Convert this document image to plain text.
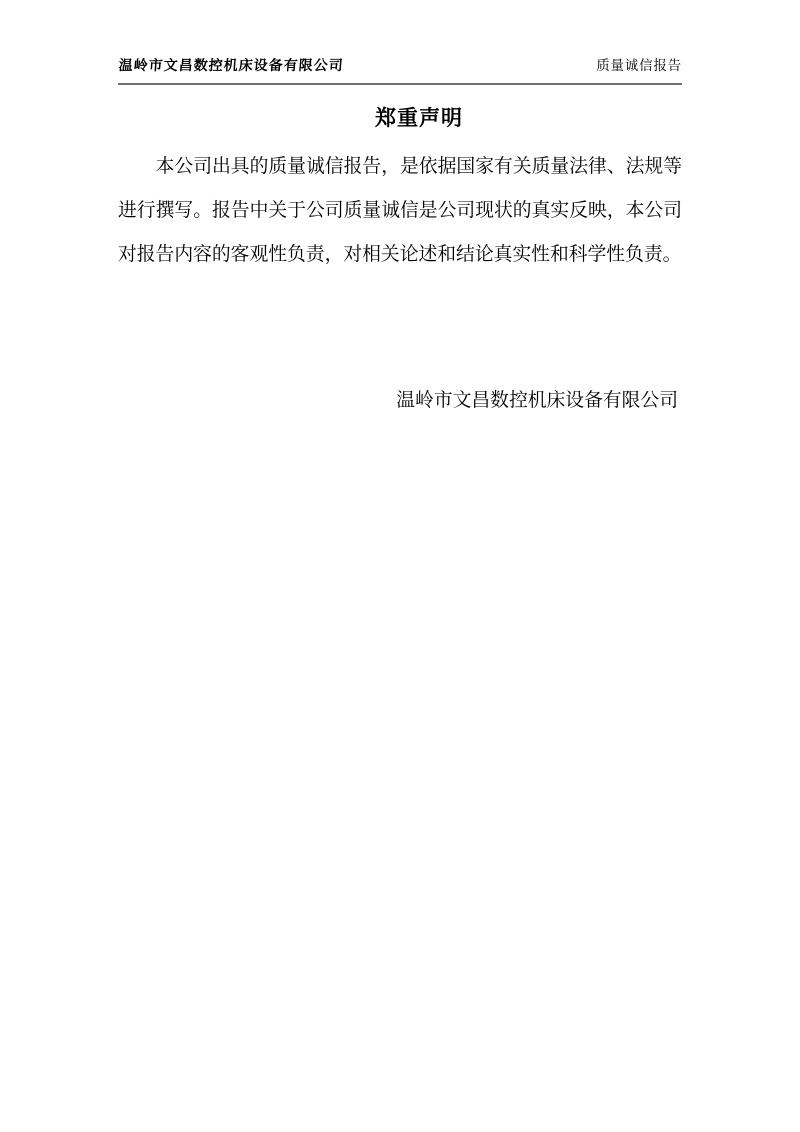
温岭市文昌数控机床设备有限公司	质量诚信报告
郑重声明

本公司出具的质量诚信报告，是依据国家有关质量法律、法规等进行撰写。报告中关于公司质量诚信是公司现状的真实反映，本公司对报告内容的客观性负责，对相关论述和结论真实性和科学性负责。

温岭市文昌数控机床设备有限公司
